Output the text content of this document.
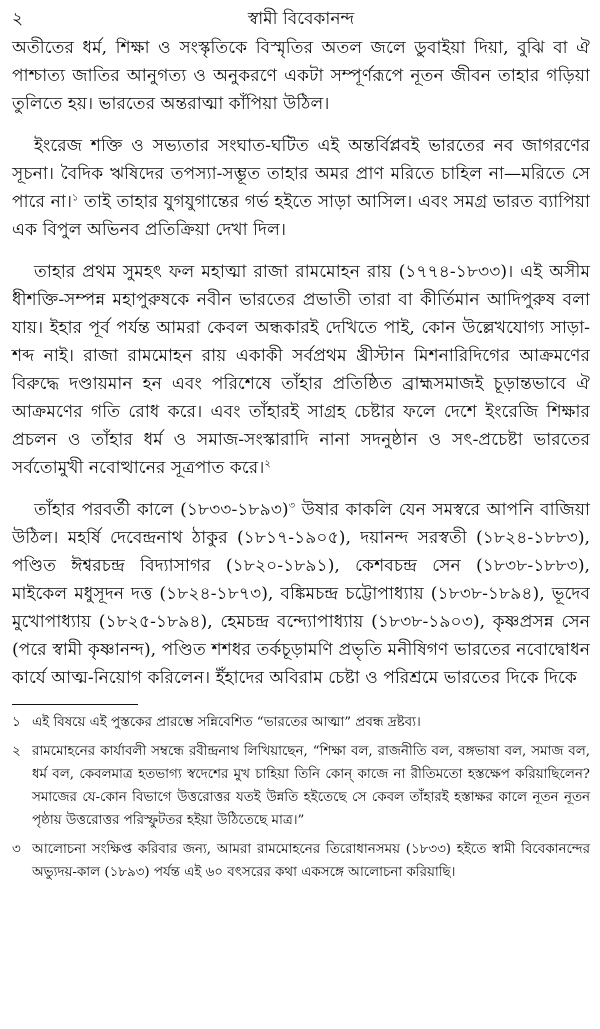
২	স্বামী বিবেকানন্দ

অতীতের ধর্ম, শিক্ষা ও সংস্কৃতিকে বিস্মৃতির অতল জলে ডুবাইয়া দিয়া, বুঝি বা ঐ পাশ্চাত্য জাতির আনুগত্য ও অনুকরণে একটা সম্পূর্ণরূপে নূতন জীবন তাহার গড়িয়া তুলিতে হয়। ভারতের অন্তরাত্মা কাঁপিয়া উঠিল।

ইংরেজ শক্তি ও সভ্যতার সংঘাত-ঘটিত এই অন্তর্বিপ্লবই ভারতের নব জাগরণের সূচনা। বৈদিক ঋষিদের তপস্যা-সম্ভূত তাহার অমর প্রাণ মরিতে চাহিল না—মরিতে সে পারে না।$^১$ তাই তাহার যুগযুগান্তের গর্ভ হইতে সাড়া আসিল। এবং সমগ্র ভারত ব্যাপিয়া এক বিপুল অভিনব প্রতিক্রিয়া দেখা দিল।

তাহার প্রথম সুমহৎ ফল মহাত্মা রাজা রামমোহন রায় (১৭৭৪-১৮৩৩)। এই অসীম ধীশক্তি-সম্পন্ন মহাপুরুষকে নবীন ভারতের প্রভাতী তারা বা কীর্তিমান আদিপুরুষ বলা যায়। ইহার পূর্ব পর্যন্ত আমরা কেবল অন্ধকারই দেখিতে পাই, কোন উল্লেখযোগ্য সাড়া-শব্দ নাই। রাজা রামমোহন রায় একাকী সর্বপ্রথম খ্রীস্টান মিশনারিদিগের আক্রমণের বিরুদ্ধে দণ্ডায়মান হন এবং পরিশেষে তাঁহার প্রতিষ্ঠিত ব্রাহ্মসমাজই চূড়ান্তভাবে ঐ আক্রমণের গতি রোধ করে। এবং তাঁহারই সাগ্রহ চেষ্টার ফলে দেশে ইংরেজি শিক্ষার প্রচলন ও তাঁহার ধর্ম ও সমাজ-সংস্কারাদি নানা সদনুষ্ঠান ও সৎ-প্রচেষ্টা ভারতের সর্বতোমুখী নবোত্থানের সূত্রপাত করে।$^২$

তাঁহার পরবর্তী কালে (১৮৩৩-১৮৯৩)$^৩$ উষার কাকলি যেন সমস্বরে আপনি বাজিয়া উঠিল। মহর্ষি দেবেন্দ্রনাথ ঠাকুর (১৮১৭-১৯০৫), দয়ানন্দ সরস্বতী (১৮২৪-১৮৮৩), পণ্ডিত ঈশ্বরচন্দ্র বিদ্যাসাগর (১৮২০-১৮৯১), কেশবচন্দ্র সেন (১৮৩৮-১৮৮৩), মাইকেল মধুসূদন দত্ত (১৮২৪-১৮৭৩), বঙ্কিমচন্দ্র চট্টোপাধ্যায় (১৮৩৮-১৮৯৪), ভূদেব মুখোপাধ্যায় (১৮২৫-১৮৯৪), হেমচন্দ্র বন্দ্যোপাধ্যায় (১৮৩৮-১৯০৩), কৃষ্ণপ্রসন্ন সেন (পরে স্বামী কৃষ্ণানন্দ), পণ্ডিত শশধর তর্কচূড়ামণি প্রভৃতি মনীষিগণ ভারতের নবোদ্বোধন কার্যে আত্ম-নিয়োগ করিলেন। ইঁহাদের অবিরাম চেষ্টা ও পরিশ্রমে ভারতের দিকে দিকে

১ এই বিষয়ে এই পুস্তকের প্রারম্ভে সন্নিবেশিত “ভারতের আত্মা” প্রবন্ধ দ্রষ্টব্য।

২ রামমোহনের কার্যাবলী সম্বন্ধে রবীন্দ্রনাথ লিখিয়াছেন, “শিক্ষা বল, রাজনীতি বল, বঙ্গভাষা বল, সমাজ বল, ধর্ম বল, কেবলমাত্র হতভাগ্য স্বদেশের মুখ চাহিয়া তিনি কোন্‌ কাজে না রীতিমতো হস্তক্ষেপ করিয়াছিলেন? সমাজের যে-কোন বিভাগে উত্তরোত্তর যতই উন্নতি হইতেছে সে কেবল তাঁহারই হস্তাক্ষর কালে নূতন নূতন পৃষ্ঠায় উত্তরোত্তর পরিস্ফুটতর হইয়া উঠিতেছে মাত্র।”

৩ আলোচনা সংক্ষিপ্ত করিবার জন্য, আমরা রামমোহনের তিরোধানসময় (১৮৩৩) হইতে স্বামী বিবেকানন্দের অভ্যুদয়-কাল (১৮৯৩) পর্যন্ত এই ৬০ বৎসরের কথা একসঙ্গে আলোচনা করিয়াছি।
